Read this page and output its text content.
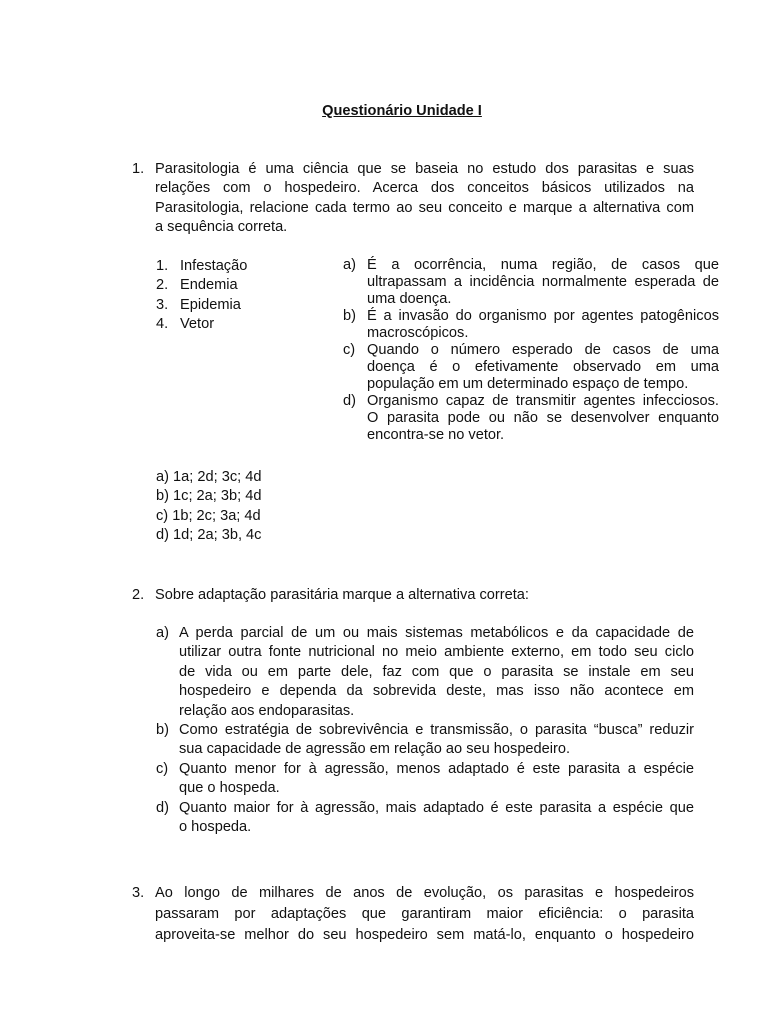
Questionário Unidade I
1. Parasitologia é uma ciência que se baseia no estudo dos parasitas e suas
relações com o hospedeiro. Acerca dos conceitos básicos utilizados na
Parasitologia, relacione cada termo ao seu conceito e marque a alternativa com
a sequência correta.
1. Infestação
2. Endemia
3. Epidemia
4. Vetor
a) É a ocorrência, numa região, de casos que
ultrapassam a incidência normalmente esperada de
uma doença.
b) É a invasão do organismo por agentes patogênicos
macroscópicos.
c) Quando o número esperado de casos de uma
doença é o efetivamente observado em uma
população em um determinado espaço de tempo.
d) Organismo capaz de transmitir agentes infecciosos.
O parasita pode ou não se desenvolver enquanto
encontra-se no vetor.
a) 1a; 2d; 3c; 4d
b) 1c; 2a; 3b; 4d
c) 1b; 2c; 3a; 4d
d) 1d; 2a; 3b, 4c
2. Sobre adaptação parasitária marque a alternativa correta:
a) A perda parcial de um ou mais sistemas metabólicos e da capacidade de
utilizar outra fonte nutricional no meio ambiente externo, em todo seu ciclo
de vida ou em parte dele, faz com que o parasita se instale em seu
hospedeiro e dependa da sobrevida deste, mas isso não acontece em
relação aos endoparasitas.
b) Como estratégia de sobrevivência e transmissão, o parasita “busca” reduzir
sua capacidade de agressão em relação ao seu hospedeiro.
c) Quanto menor for à agressão, menos adaptado é este parasita a espécie
que o hospeda.
d) Quanto maior for à agressão, mais adaptado é este parasita a espécie que
o hospeda.
3. Ao longo de milhares de anos de evolução, os parasitas e hospedeiros
passaram por adaptações que garantiram maior eficiência: o parasita
aproveita-se melhor do seu hospedeiro sem matá-lo, enquanto o hospedeiro
